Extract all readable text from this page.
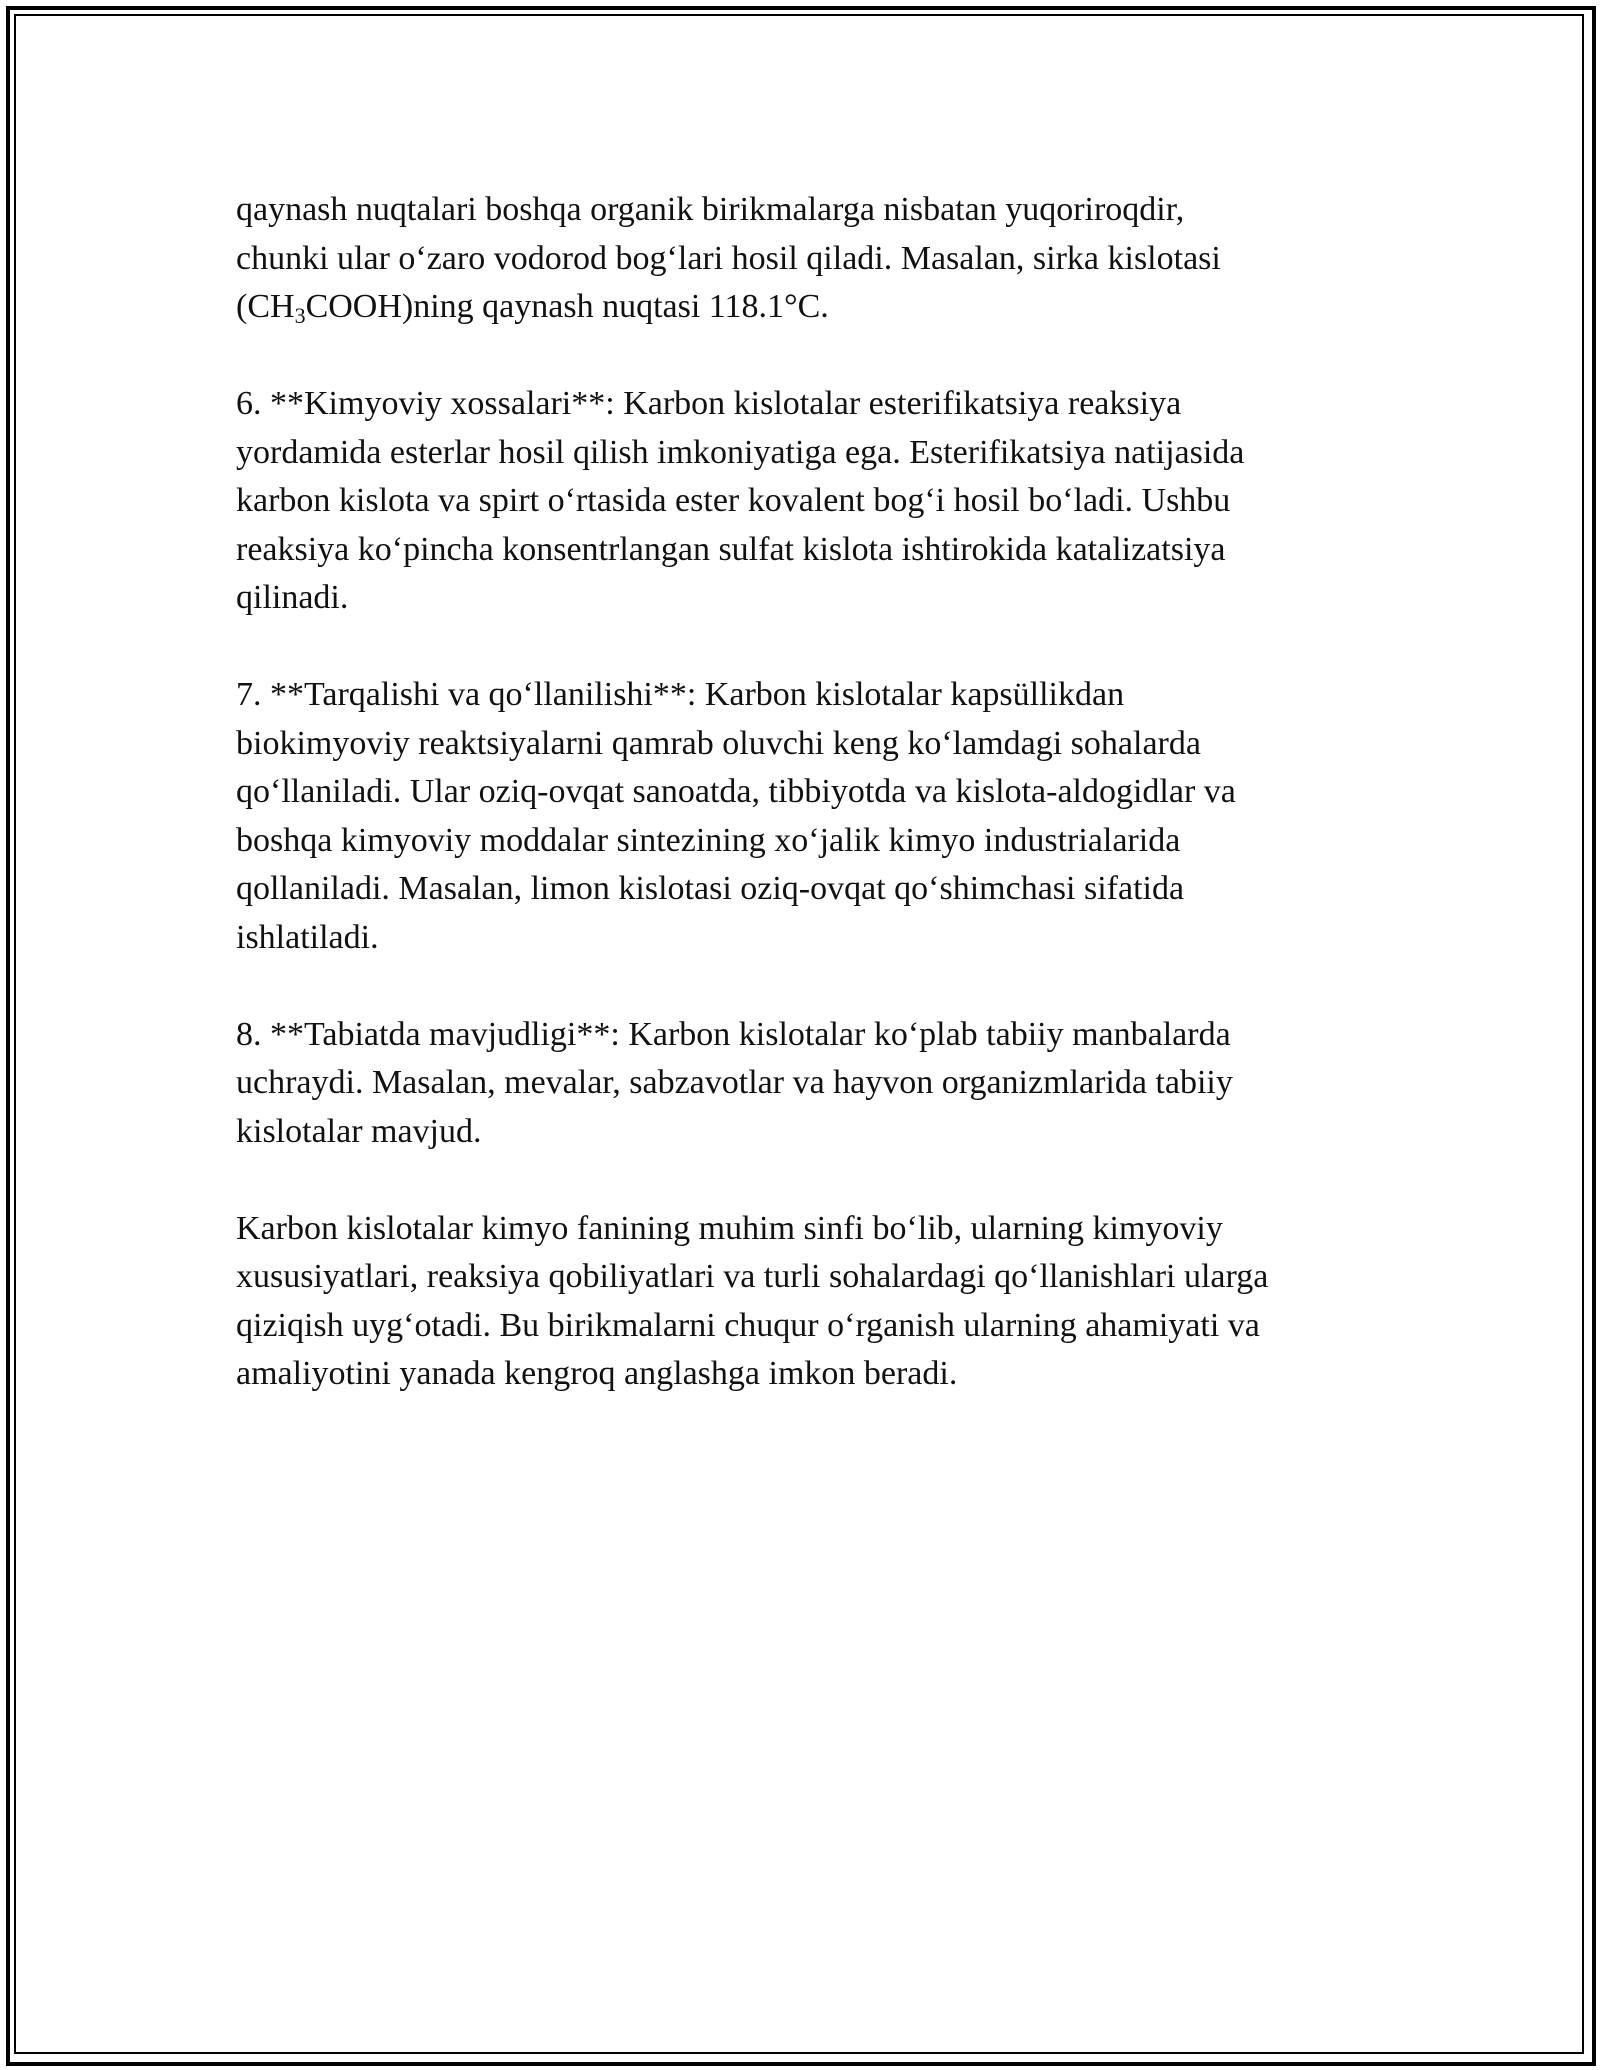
qaynash nuqtalari boshqa organik birikmalarga nisbatan yuqoriroqdir,
chunki ular o‘zaro vodorod bog‘lari hosil qiladi. Masalan, sirka kislotasi
$(CH_3COOH)ning$ qaynash nuqtasi 118.1°C.

6. **Kimyoviy xossalari**: Karbon kislotalar esterifikatsiya reaksiya
yordamida esterlar hosil qilish imkoniyatiga ega. Esterifikatsiya natijasida
karbon kislota va spirt o‘rtasida ester kovalent bog‘i hosil bo‘ladi. Ushbu
reaksiya ko‘pincha konsentrlangan sulfat kislota ishtirokida katalizatsiya
qilinadi.

7. **Tarqalishi va qo‘llanilishi**: Karbon kislotalar kapsüllikdan
biokimyoviy reaktsiyalarni qamrab oluvchi keng ko‘lamdagi sohalarda
qo‘llaniladi. Ular oziq-ovqat sanoatda, tibbiyotda va kislota-aldogidlar va
boshqa kimyoviy moddalar sintezining xo‘jalik kimyo industrialarida
qollaniladi. Masalan, limon kislotasi oziq-ovqat qo‘shimchasi sifatida
ishlatiladi.

8. **Tabiatda mavjudligi**: Karbon kislotalar ko‘plab tabiiy manbalarda
uchraydi. Masalan, mevalar, sabzavotlar va hayvon organizmlarida tabiiy
kislotalar mavjud.

Karbon kislotalar kimyo fanining muhim sinfi bo‘lib, ularning kimyoviy
xususiyatlari, reaksiya qobiliyatlari va turli sohalardagi qo‘llanishlari ularga
qiziqish uyg‘otadi. Bu birikmalarni chuqur o‘rganish ularning ahamiyati va
amaliyotini yanada kengroq anglashga imkon beradi.
